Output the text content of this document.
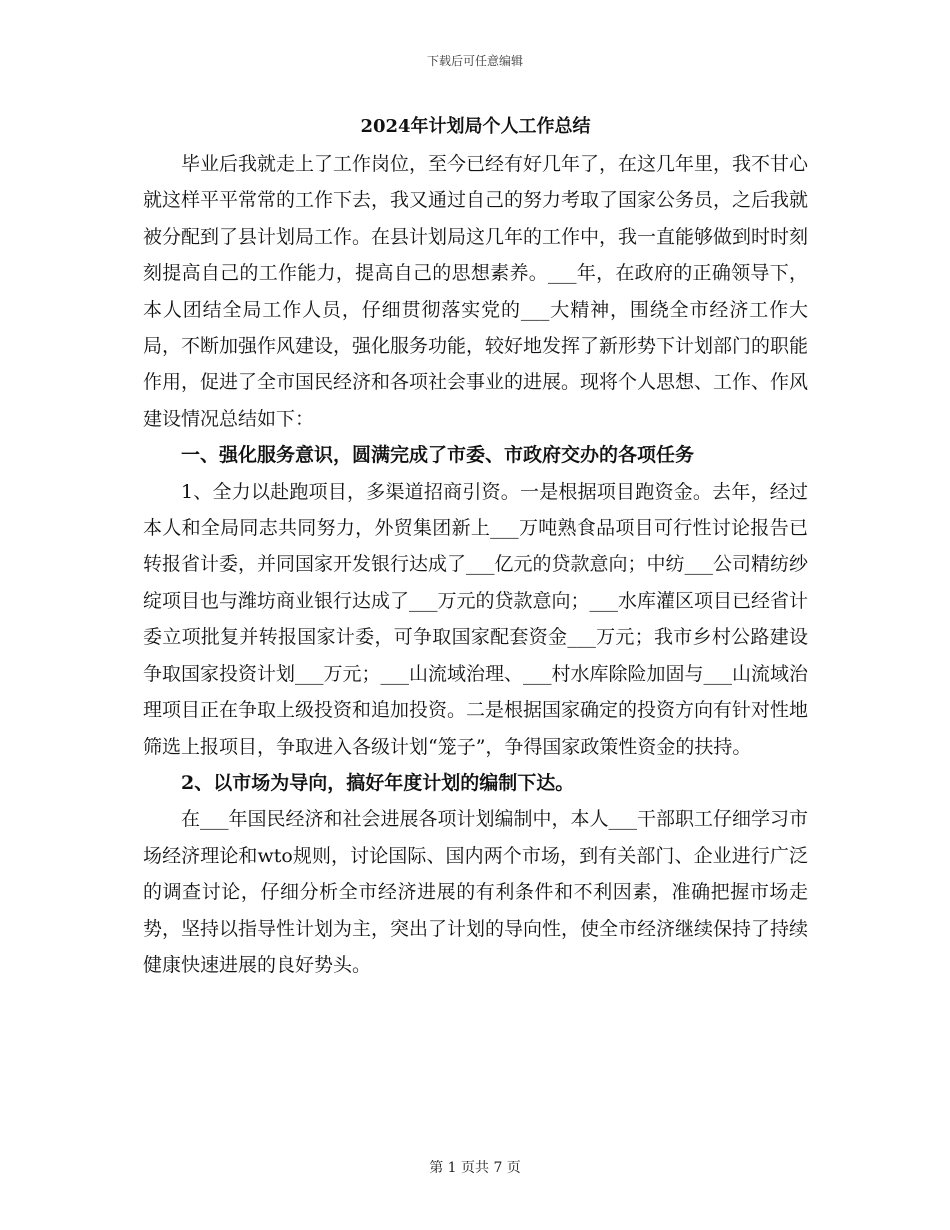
下载后可任意编辑
2024年计划局个人工作总结

毕业后我就走上了工作岗位，至今已经有好几年了，在这几年里，我不甘心就这样平平常常的工作下去，我又通过自己的努力考取了国家公务员，之后我就被分配到了县计划局工作。在县计划局这几年的工作中，我一直能够做到时时刻刻提高自己的工作能力，提高自己的思想素养。___年，在政府的正确领导下，本人团结全局工作人员，仔细贯彻落实党的___大精神，围绕全市经济工作大局，不断加强作风建设，强化服务功能，较好地发挥了新形势下计划部门的职能作用，促进了全市国民经济和各项社会事业的进展。现将个人思想、工作、作风建设情况总结如下：

一、强化服务意识，圆满完成了市委、市政府交办的各项任务

1、全力以赴跑项目，多渠道招商引资。一是根据项目跑资金。去年，经过本人和全局同志共同努力，外贸集团新上___万吨熟食品项目可行性讨论报告已转报省计委，并同国家开发银行达成了___亿元的贷款意向；中纺___公司精纺纱绽项目也与潍坊商业银行达成了___万元的贷款意向；___水库灌区项目已经省计委立项批复并转报国家计委，可争取国家配套资金___万元；我市乡村公路建设争取国家投资计划___万元；___山流域治理、___村水库除险加固与___山流域治理项目正在争取上级投资和追加投资。二是根据国家确定的投资方向有针对性地筛选上报项目，争取进入各级计划“笼子”，争得国家政策性资金的扶持。

2、以市场为导向，搞好年度计划的编制下达。

在___年国民经济和社会进展各项计划编制中，本人___干部职工仔细学习市场经济理论和wto规则，讨论国际、国内两个市场，到有关部门、企业进行广泛的调查讨论，仔细分析全市经济进展的有利条件和不利因素，准确把握市场走势，坚持以指导性计划为主，突出了计划的导向性，使全市经济继续保持了持续健康快速进展的良好势头。

第 1 页共 7 页
